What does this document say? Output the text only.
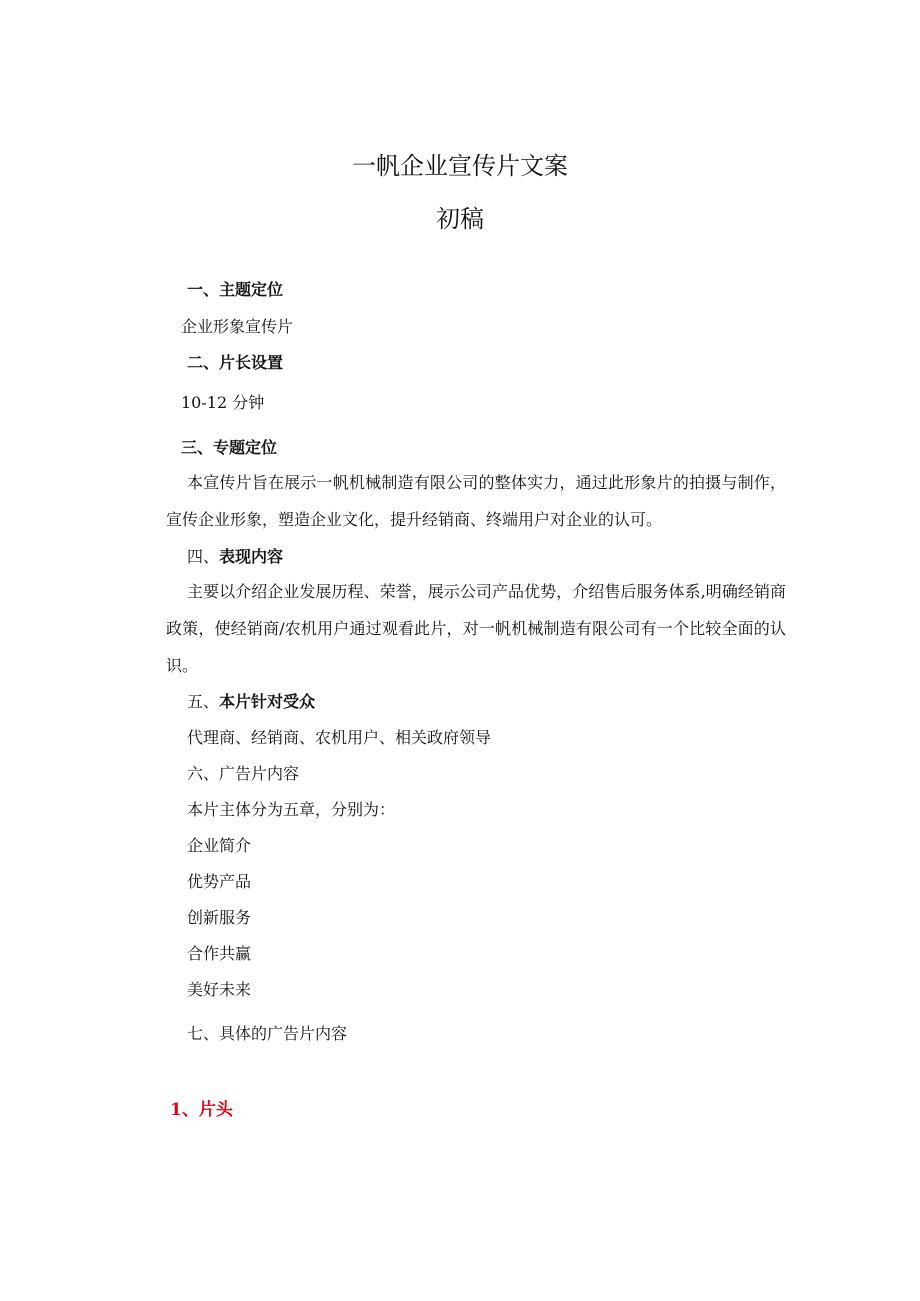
一帆企业宣传片文案
初稿
一、主题定位
企业形象宣传片
二、片长设置
10-12 分钟
三、专题定位
本宣传片旨在展示一帆机械制造有限公司的整体实力，通过此形象片的拍摄与制作，宣传企业形象，塑造企业文化，提升经销商、终端用户对企业的认可。
四、表现内容
主要以介绍企业发展历程、荣誉，展示公司产品优势，介绍售后服务体系,明确经销商政策，使经销商/农机用户通过观看此片，对一帆机械制造有限公司有一个比较全面的认识。
五、本片针对受众
代理商、经销商、农机用户、相关政府领导
六、广告片内容
本片主体分为五章，分别为：
企业简介
优势产品
创新服务
合作共赢
美好未来
七、具体的广告片内容
1、片头
